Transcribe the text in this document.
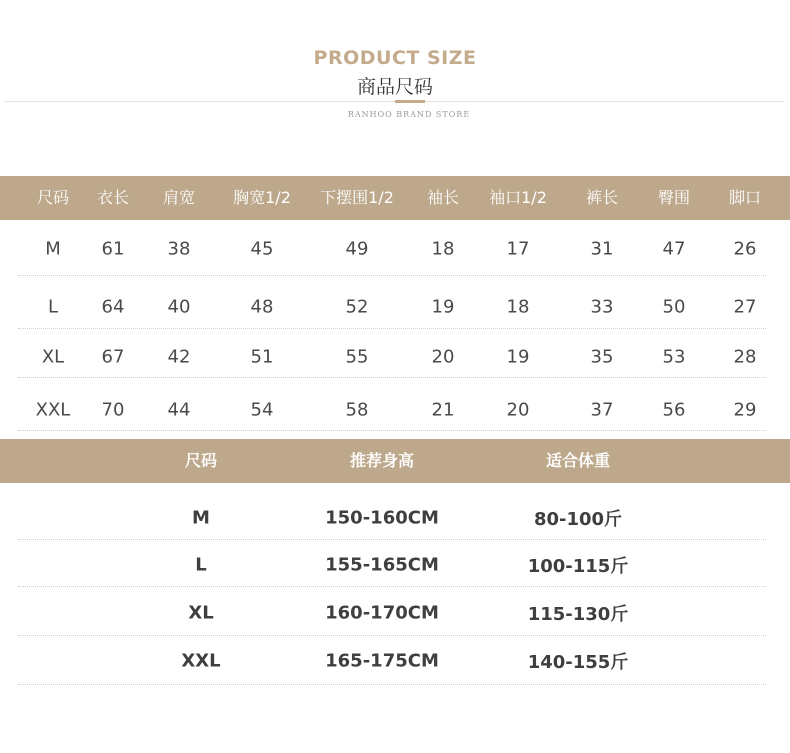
PRODUCT SIZE
商品尺码
RANHOO BRAND STORE
尺码 衣长 肩宽 胸宽1/2 下摆围1/2 袖长 袖口1/2 裤长 臀围 脚口
M 61 38	45	49	18	17	31	47	26
L 64 40	48	52	19	18	33	50	27
XL 67 42	51	55	20	19	35	53	28
XXL 70 44	54	58	21	20	37	56	29
尺码	推荐身高	适合体重
M	150-160CM	80-100斤
L	155-165CM	100-115斤
XL	160-170CM	115-130斤
XXL	165-175CM	140-155斤
